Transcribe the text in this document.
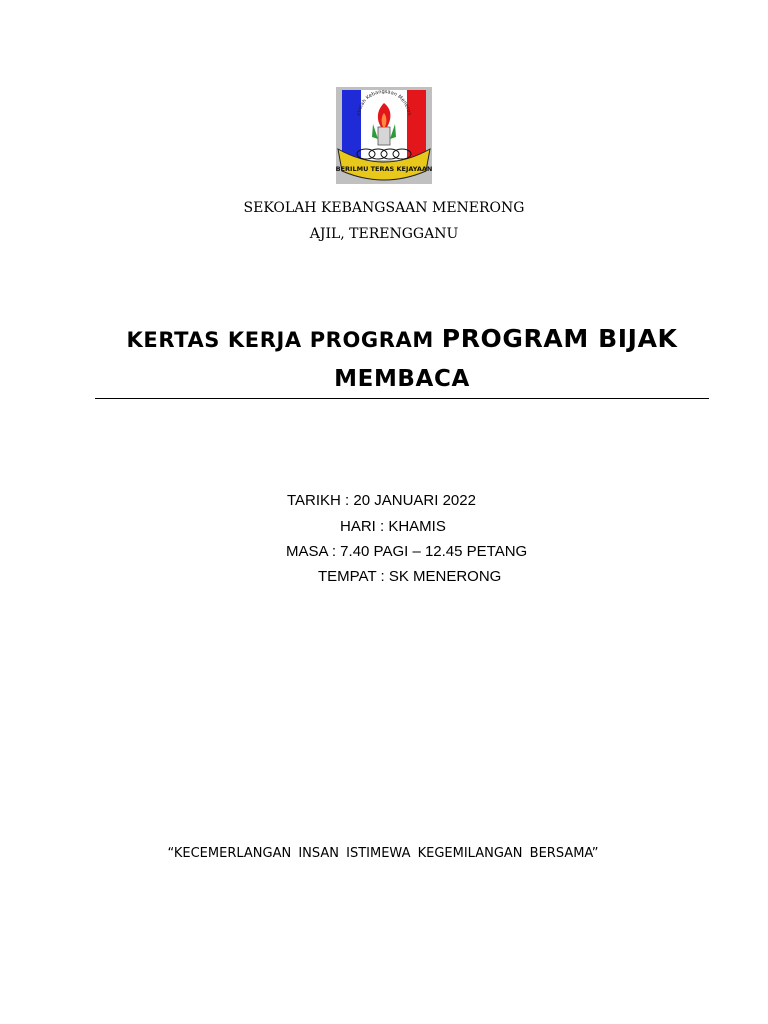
ekolah Kebangsaan Meneron
BERILMU TERAS KEJAYAAN
SEKOLAH KEBANGSAAN MENERONG
AJIL, TERENGGANU
KERTAS KERJA PROGRAM PROGRAM BIJAK
MEMBACA
TARIKH : 20 JANUARI 2022
HARI : KHAMIS
MASA : 7.40 PAGI – 12.45 PETANG
TEMPAT : SK MENERONG
“KECEMERLANGAN INSAN ISTIMEWA KEGEMILANGAN BERSAMA”
